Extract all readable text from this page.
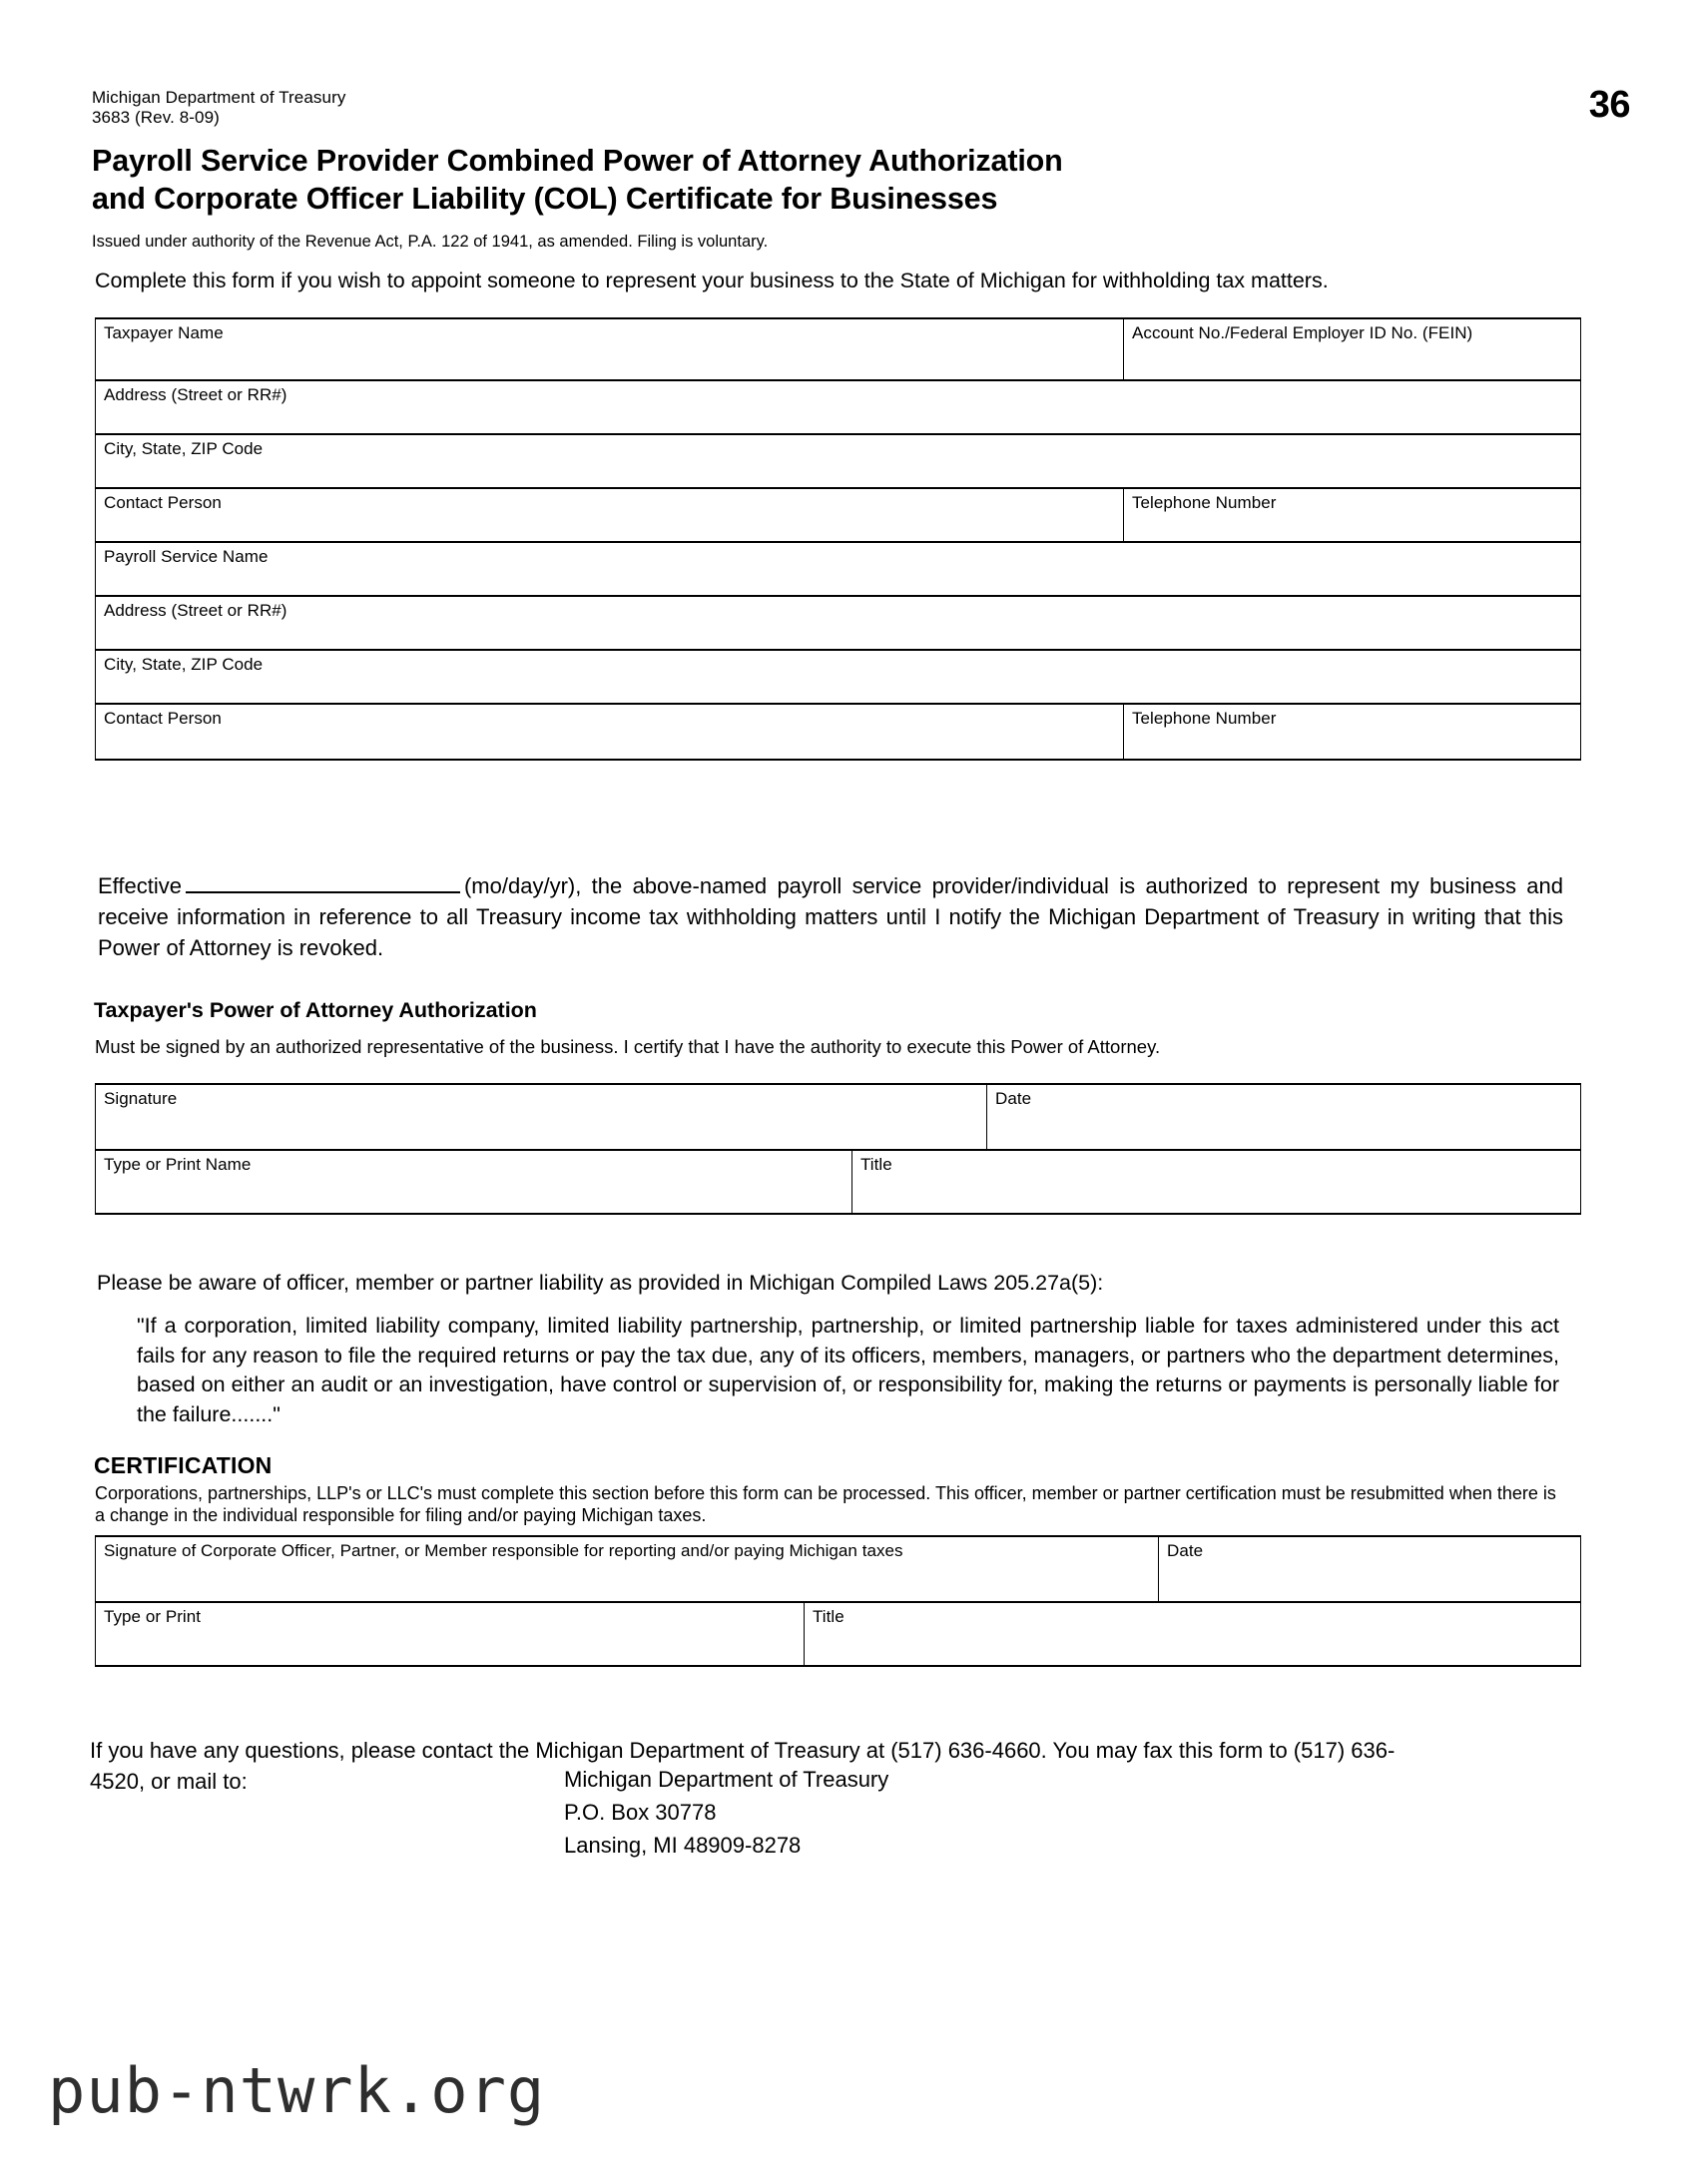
Michigan Department of Treasury
3683 (Rev. 8-09)	36
Payroll Service Provider Combined Power of Attorney Authorization
and Corporate Officer Liability (COL) Certificate for Businesses
Issued under authority of the Revenue Act, P.A. 122 of 1941, as amended. Filing is voluntary.
Complete this form if you wish to appoint someone to represent your business to the State of Michigan for withholding tax matters.
Taxpayer Name	Account No./Federal Employer ID No. (FEIN)
Address (Street or RR#)	
City, State, ZIP Code	
Contact Person	Telephone Number
Payroll Service Name	
Address (Street or RR#)	
City, State, ZIP Code	
Contact Person	Telephone Number
Effective	(mo/day/yr), the above-named payroll service provider/individual is authorized to represent my business and receive information in reference to all Treasury income tax withholding matters until I notify the Michigan Department of Treasury in writing that this Power of Attorney is revoked.
Taxpayer's Power of Attorney Authorization
Must be signed by an authorized representative of the business. I certify that I have the authority to execute this Power of Attorney.
Signature		Date
Type or Print Name	Title	
Please be aware of officer, member or partner liability as provided in Michigan Compiled Laws 205.27a(5):
"If a corporation, limited liability company, limited liability partnership, partnership, or limited partnership liable for taxes administered under this act fails for any reason to file the required returns or pay the tax due, any of its officers, members, managers, or partners who the department determines, based on either an audit or an investigation, have control or supervision of, or responsibility for, making the returns or payments is personally liable for the failure......."
CERTIFICATION
Corporations, partnerships, LLP's or LLC's must complete this section before this form can be processed. This officer, member or partner certification must be resubmitted when there is a change in the individual responsible for filing and/or paying Michigan taxes.
Signature of Corporate Officer, Partner, or Member responsible for reporting and/or paying Michigan taxes		Date
Type or Print	Title	
If you have any questions, please contact the Michigan Department of Treasury at (517) 636-4660. You may fax this form to (517) 636-4520, or mail to:	Michigan Department of Treasury
P.O. Box 30778
Lansing, MI 48909-8278
pub-ntwrk.org
